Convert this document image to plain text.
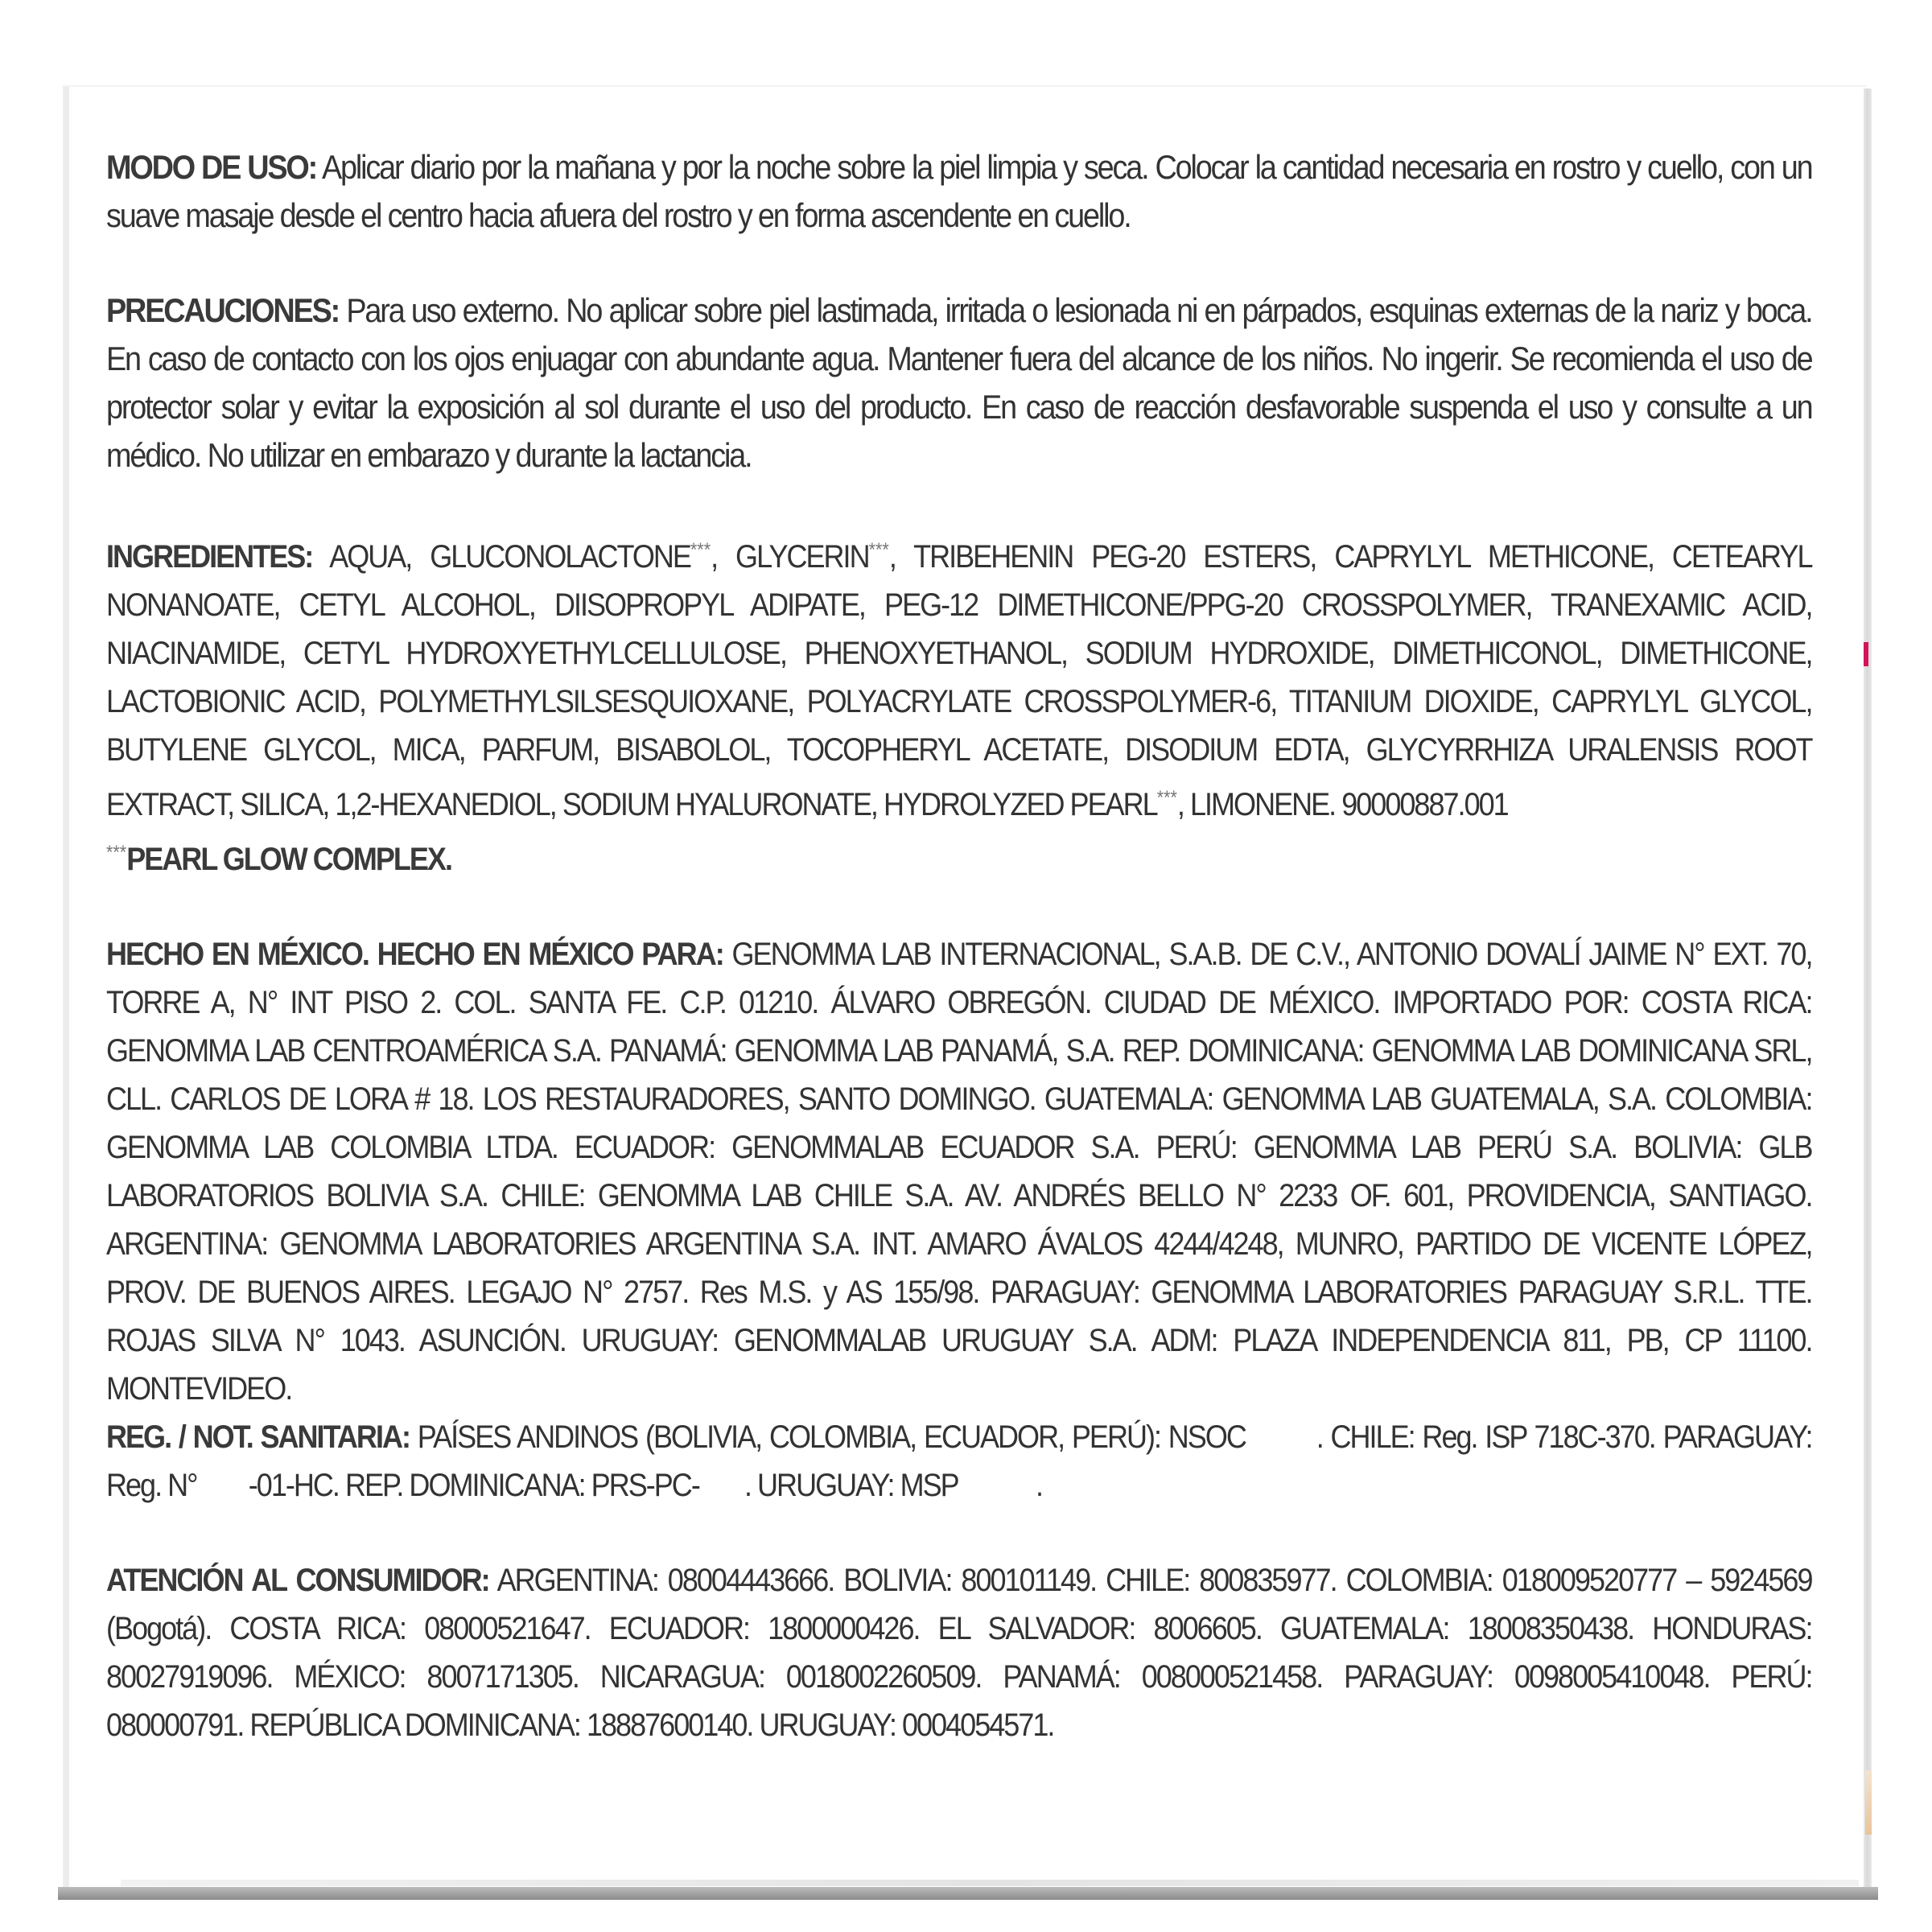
MODO DE USO: Aplicar diario por la mañana y por la noche sobre la piel limpia y seca. Colocar la cantidad necesaria en rostro y cuello, con un suave masaje desde el centro hacia afuera del rostro y en forma ascendente en cuello.

PRECAUCIONES: Para uso externo. No aplicar sobre piel lastimada, irritada o lesionada ni en párpados, esquinas externas de la nariz y boca. En caso de contacto con los ojos enjuagar con abundante agua. Mantener fuera del alcance de los niños. No ingerir. Se recomienda el uso de protector solar y evitar la exposición al sol durante el uso del producto. En caso de reacción desfavorable suspenda el uso y consulte a un médico. No utilizar en embarazo y durante la lactancia.

INGREDIENTES: AQUA, GLUCONOLACTONE***, GLYCERIN***, TRIBEHENIN PEG-20 ESTERS, CAPRYLYL METHICONE, CETEARYL NONANOATE, CETYL ALCOHOL, DIISOPROPYL ADIPATE, PEG-12 DIMETHICONE/PPG-20 CROSSPOLYMER, TRANEXAMIC ACID, NIACINAMIDE, CETYL HYDROXYETHYLCELLULOSE, PHENOXYETHANOL, SODIUM HYDROXIDE, DIMETHICONOL, DIMETHICONE, LACTOBIONIC ACID, POLYMETHYLSILSESQUIOXANE, POLYACRYLATE CROSSPOLYMER-6, TITANIUM DIOXIDE, CAPRYLYL GLYCOL, BUTYLENE GLYCOL, MICA, PARFUM, BISABOLOL, TOCOPHERYL ACETATE, DISODIUM EDTA, GLYCYRRHIZA URALENSIS ROOT EXTRACT, SILICA, 1,2-HEXANEDIOL, SODIUM HYALURONATE, HYDROLYZED PEARL***, LIMONENE. 90000887.001
***PEARL GLOW COMPLEX.

HECHO EN MÉXICO. HECHO EN MÉXICO PARA: GENOMMA LAB INTERNACIONAL, S.A.B. DE C.V., ANTONIO DOVALÍ JAIME N° EXT. 70, TORRE A, N° INT PISO 2. COL. SANTA FE. C.P. 01210. ÁLVARO OBREGÓN. CIUDAD DE MÉXICO. IMPORTADO POR: COSTA RICA: GENOMMA LAB CENTROAMÉRICA S.A. PANAMÁ: GENOMMA LAB PANAMÁ, S.A. REP. DOMINICANA: GENOMMA LAB DOMINICANA SRL, CLL. CARLOS DE LORA # 18. LOS RESTAURADORES, SANTO DOMINGO. GUATEMALA: GENOMMA LAB GUATEMALA, S.A. COLOMBIA: GENOMMA LAB COLOMBIA LTDA. ECUADOR: GENOMMALAB ECUADOR S.A. PERÚ: GENOMMA LAB PERÚ S.A. BOLIVIA: GLB LABORATORIOS BOLIVIA S.A. CHILE: GENOMMA LAB CHILE S.A. AV. ANDRÉS BELLO N° 2233 OF. 601, PROVIDENCIA, SANTIAGO. ARGENTINA: GENOMMA LABORATORIES ARGENTINA S.A. INT. AMARO ÁVALOS 4244/4248, MUNRO, PARTIDO DE VICENTE LÓPEZ, PROV. DE BUENOS AIRES. LEGAJO N° 2757. Res M.S. y AS 155/98. PARAGUAY: GENOMMA LABORATORIES PARAGUAY S.R.L. TTE. ROJAS SILVA N° 1043. ASUNCIÓN. URUGUAY: GENOMMALAB URUGUAY S.A. ADM: PLAZA INDEPENDENCIA 811, PB, CP 11100. MONTEVIDEO.
REG. / NOT. SANITARIA: PAÍSES ANDINOS (BOLIVIA, COLOMBIA, ECUADOR, PERÚ): NSOC . CHILE: Reg. ISP 718C-370. PARAGUAY: Reg. N° -01-HC. REP. DOMINICANA: PRS-PC- . URUGUAY: MSP .

ATENCIÓN AL CONSUMIDOR: ARGENTINA: 08004443666. BOLIVIA: 800101149. CHILE: 800835977. COLOMBIA: 018009520777 – 5924569 (Bogotá). COSTA RICA: 08000521647. ECUADOR: 1800000426. EL SALVADOR: 8006605. GUATEMALA: 18008350438. HONDURAS: 80027919096. MÉXICO: 8007171305. NICARAGUA: 0018002260509. PANAMÁ: 008000521458. PARAGUAY: 0098005410048. PERÚ: 080000791. REPÚBLICA DOMINICANA: 18887600140. URUGUAY: 0004054571.
